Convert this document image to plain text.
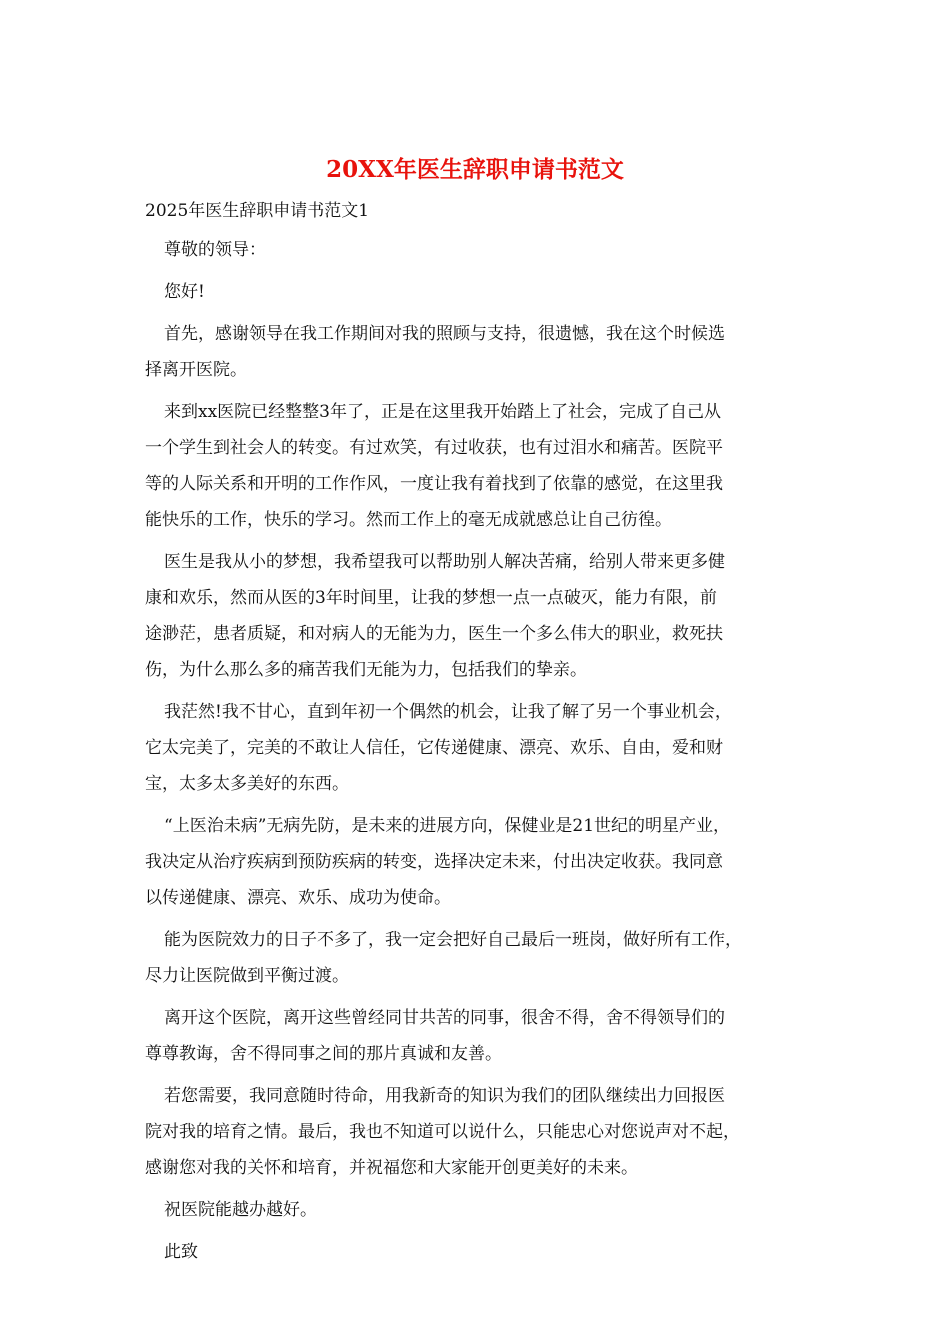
20XX年医生辞职申请书范文

2025年医生辞职申请书范文1

尊敬的领导：

您好!

首先，感谢领导在我工作期间对我的照顾与支持，很遗憾，我在这个时候选
择离开医院。

来到xx医院已经整整3年了，正是在这里我开始踏上了社会，完成了自己从
一个学生到社会人的转变。有过欢笑，有过收获，也有过泪水和痛苦。医院平
等的人际关系和开明的工作作风，一度让我有着找到了依靠的感觉，在这里我
能快乐的工作，快乐的学习。然而工作上的毫无成就感总让自己彷徨。

医生是我从小的梦想，我希望我可以帮助别人解决苦痛，给别人带来更多健
康和欢乐，然而从医的3年时间里，让我的梦想一点一点破灭，能力有限，前
途渺茫，患者质疑，和对病人的无能为力，医生一个多么伟大的职业，救死扶
伤，为什么那么多的痛苦我们无能为力，包括我们的挚亲。

我茫然!我不甘心，直到年初一个偶然的机会，让我了解了另一个事业机会，
它太完美了，完美的不敢让人信任，它传递健康、漂亮、欢乐、自由，爱和财
宝，太多太多美好的东西。

“上医治未病”无病先防，是未来的进展方向，保健业是21世纪的明星产业，
我决定从治疗疾病到预防疾病的转变，选择决定未来，付出决定收获。我同意
以传递健康、漂亮、欢乐、成功为使命。

能为医院效力的日子不多了，我一定会把好自己最后一班岗，做好所有工作，
尽力让医院做到平衡过渡。

离开这个医院，离开这些曾经同甘共苦的同事，很舍不得，舍不得领导们的
尊尊教诲，舍不得同事之间的那片真诚和友善。

若您需要，我同意随时待命，用我新奇的知识为我们的团队继续出力回报医
院对我的培育之情。最后，我也不知道可以说什么，只能忠心对您说声对不起，
感谢您对我的关怀和培育，并祝福您和大家能开创更美好的未来。

祝医院能越办越好。

此致
